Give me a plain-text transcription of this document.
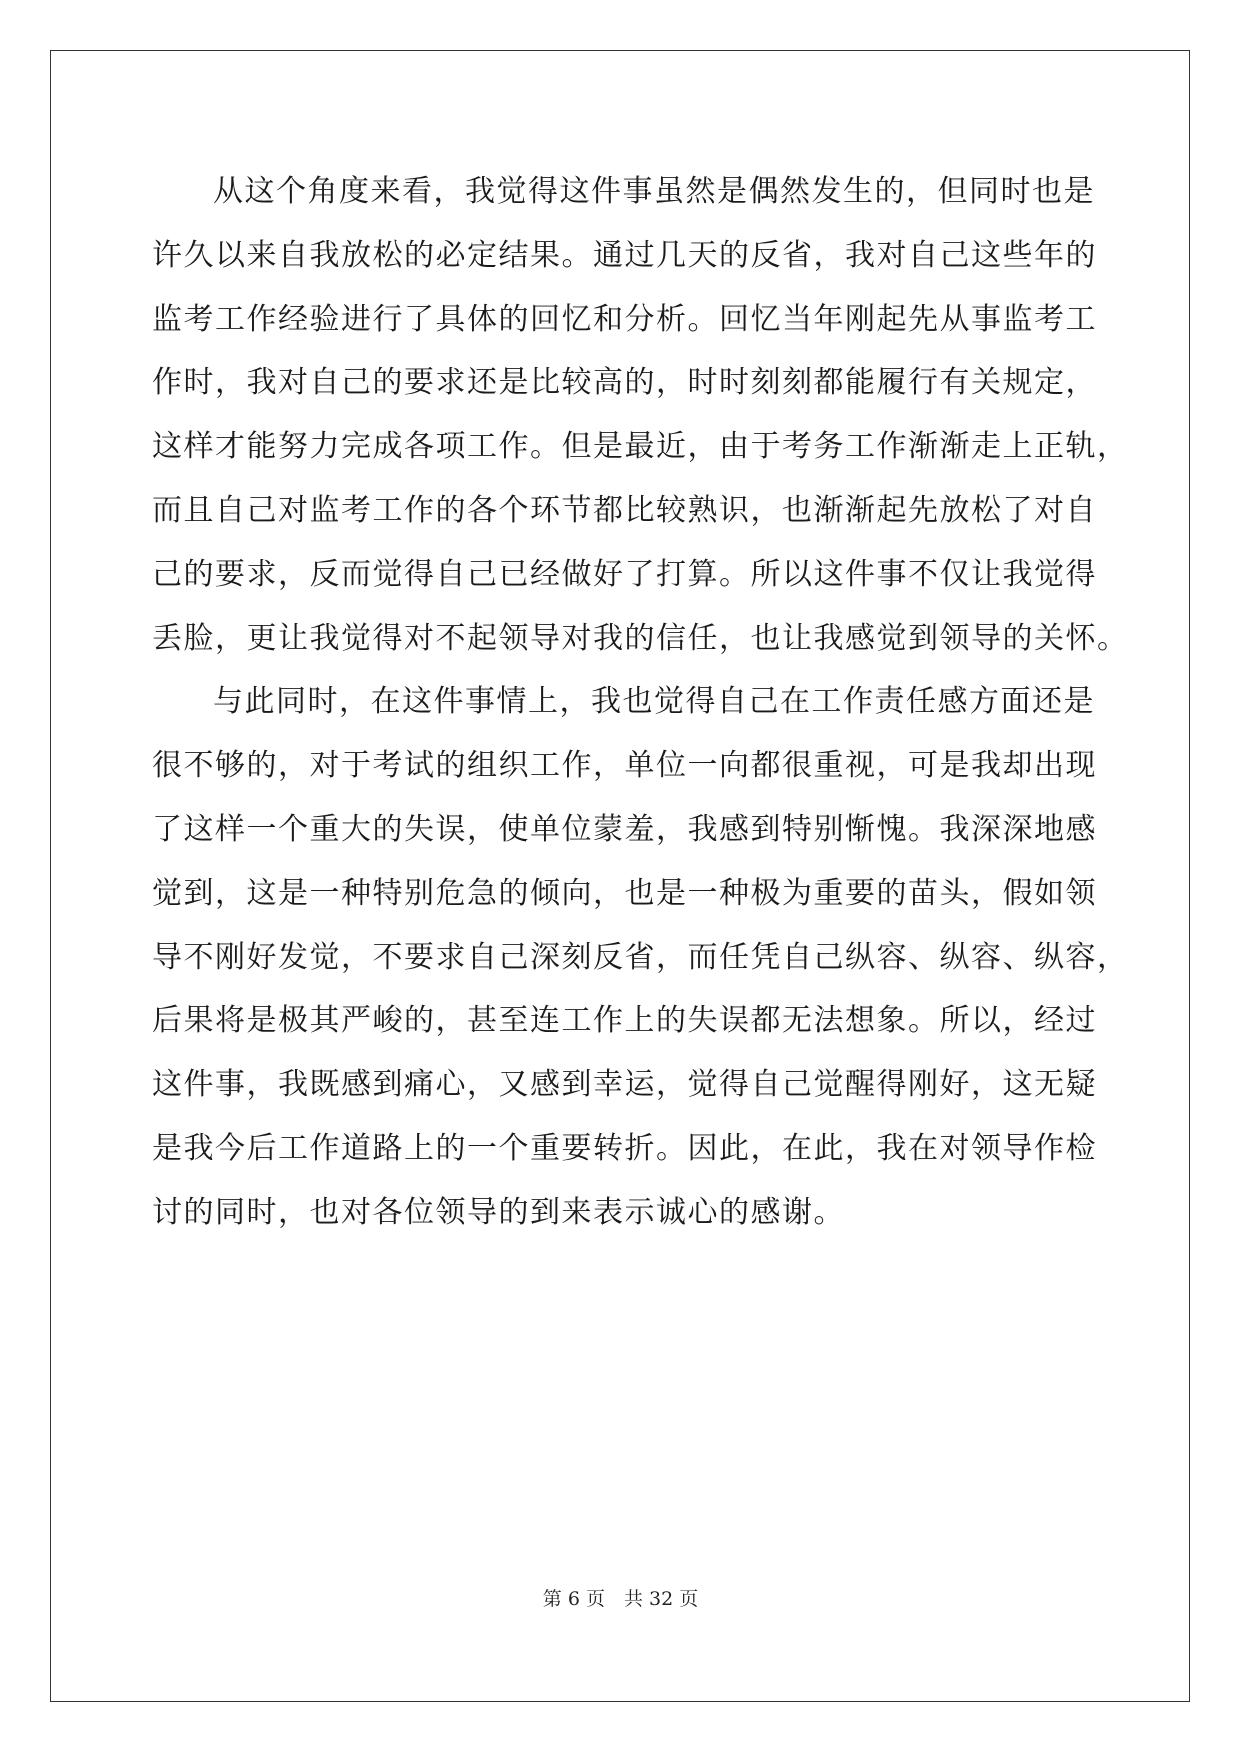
从这个角度来看，我觉得这件事虽然是偶然发生的，但同时也是
许久以来自我放松的必定结果。通过几天的反省，我对自己这些年的
监考工作经验进行了具体的回忆和分析。回忆当年刚起先从事监考工
作时，我对自己的要求还是比较高的，时时刻刻都能履行有关规定，
这样才能努力完成各项工作。但是最近，由于考务工作渐渐走上正轨，
而且自己对监考工作的各个环节都比较熟识，也渐渐起先放松了对自
己的要求，反而觉得自己已经做好了打算。所以这件事不仅让我觉得
丢脸，更让我觉得对不起领导对我的信任，也让我感觉到领导的关怀。
与此同时，在这件事情上，我也觉得自己在工作责任感方面还是
很不够的，对于考试的组织工作，单位一向都很重视，可是我却出现
了这样一个重大的失误，使单位蒙羞，我感到特别惭愧。我深深地感
觉到，这是一种特别危急的倾向，也是一种极为重要的苗头，假如领
导不刚好发觉，不要求自己深刻反省，而任凭自己纵容、纵容、纵容，
后果将是极其严峻的，甚至连工作上的失误都无法想象。所以，经过
这件事，我既感到痛心，又感到幸运，觉得自己觉醒得刚好，这无疑
是我今后工作道路上的一个重要转折。因此，在此，我在对领导作检
讨的同时，也对各位领导的到来表示诚心的感谢。
第 6 页　共 32 页
